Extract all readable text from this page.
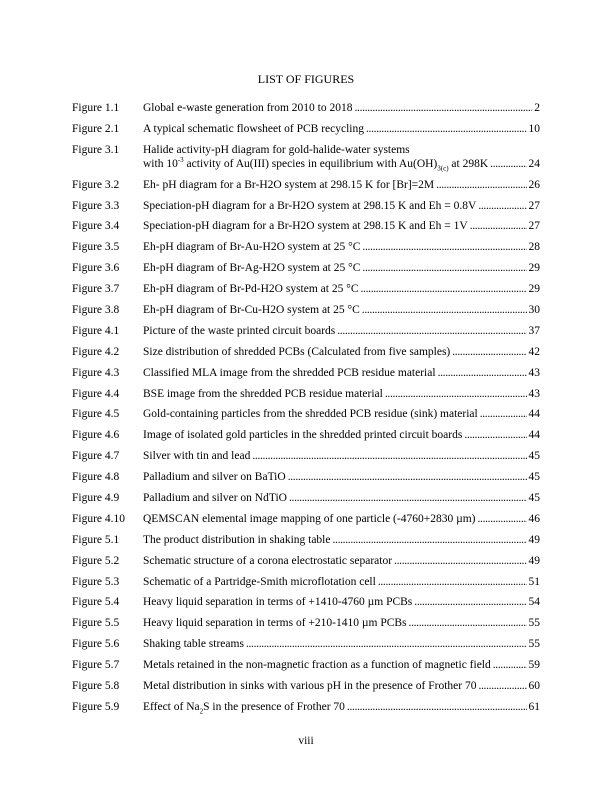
LIST OF FIGURES
Figure 1.1	Global e-waste generation from 2010 to 2018 . . .	2
Figure 2.1	A typical schematic flowsheet of PCB recycling . . .	10
Figure 3.1	Halide activity-pH diagram for gold-halide-water systems
with $10^{-3}$ activity of Au(III) species in equilibrium with $Au(OH)_{3(c)}$ at 298K . . .	24
Figure 3.2	Eh- pH diagram for a Br-H2O system at 298.15 K for [Br]=2M . . .	26
Figure 3.3	Speciation-pH diagram for a Br-H2O system at 298.15 K and Eh = 0.8V . . .	27
Figure 3.4	Speciation-pH diagram for a Br-H2O system at 298.15 K and Eh = 1V . . .	27
Figure 3.5	Eh-pH diagram of Br-Au-H2O system at 25 °C . . .	28
Figure 3.6	Eh-pH diagram of Br-Ag-H2O system at 25 °C . . .	29
Figure 3.7	Eh-pH diagram of Br-Pd-H2O system at 25 °C . . .	29
Figure 3.8	Eh-pH diagram of Br-Cu-H2O system at 25 °C . . .	30
Figure 4.1	Picture of the waste printed circuit boards . . .	37
Figure 4.2	Size distribution of shredded PCBs (Calculated from five samples) . . .	42
Figure 4.3	Classified MLA image from the shredded PCB residue material . . .	43
Figure 4.4	BSE image from the shredded PCB residue material . . .	43
Figure 4.5	Gold-containing particles from the shredded PCB residue (sink) material . . .	44
Figure 4.6	Image of isolated gold particles in the shredded printed circuit boards . . .	44
Figure 4.7	Silver with tin and lead . . .	45
Figure 4.8	Palladium and silver on BaTiO . . .	45
Figure 4.9	Palladium and silver on NdTiO . . .	45
Figure 4.10	QEMSCAN elemental image mapping of one particle (-4760+2830 µm) . . .	46
Figure 5.1	The product distribution in shaking table . . .	49
Figure 5.2	Schematic structure of a corona electrostatic separator . . .	49
Figure 5.3	Schematic of a Partridge-Smith microflotation cell . . .	51
Figure 5.4	Heavy liquid separation in terms of +1410-4760 µm PCBs . . .	54
Figure 5.5	Heavy liquid separation in terms of +210-1410 µm PCBs . . .	55
Figure 5.6	Shaking table streams . . .	55
Figure 5.7	Metals retained in the non-magnetic fraction as a function of magnetic field . . .	59
Figure 5.8	Metal distribution in sinks with various pH in the presence of Frother 70 . . .	60
Figure 5.9	Effect of $Na_2S$ in the presence of Frother 70 . . .	61
viii
